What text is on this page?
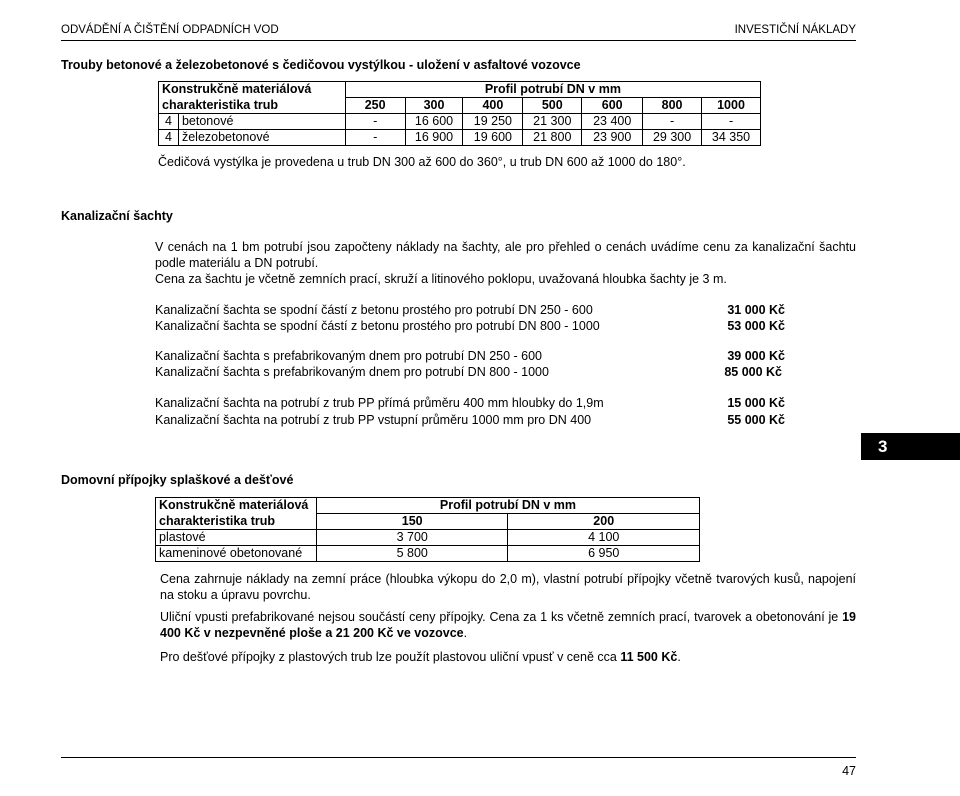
ODVÁDĚNÍ A ČIŠTĚNÍ ODPADNÍCH VOD	INVESTIČNÍ NÁKLADY
Trouby betonové a železobetonové s čedičovou vystýlkou - uložení v asfaltové vozovce
Konstrukčně materiálová		Profil potrubí DN v mm						
charakteristika trub		250	300	400	500	600	800	1000
4	betonové	-	16 600	19 250	21 300	23 400	-	-
4	železobetonové	-	16 900	19 600	21 800	23 900	29 300	34 350
Čedičová vystýlka je provedena u trub DN 300 až 600 do 360°, u trub DN 600 až 1000 do 180°.
Kanalizační šachty
V cenách na 1 bm potrubí jsou započteny náklady na šachty, ale pro přehled o cenách uvádíme cenu za kanalizační šachtu podle materiálu a DN potrubí.
Cena za šachtu je včetně zemních prací, skruží a litinového poklopu, uvažovaná hloubka šachty je 3 m.
Kanalizační šachta se spodní částí z betonu prostého pro potrubí DN 250 - 600	31 000 Kč
Kanalizační šachta se spodní částí z betonu prostého pro potrubí DN 800 - 1000	53 000 Kč
Kanalizační šachta s prefabrikovaným dnem pro potrubí DN 250 - 600	39 000 Kč
Kanalizační šachta s prefabrikovaným dnem pro potrubí DN 800 - 1000	85 000 Kč
Kanalizační šachta na potrubí z trub PP přímá průměru 400 mm hloubky do 1,9m	15 000 Kč
Kanalizační šachta na potrubí z trub PP vstupní průměru 1000 mm pro DN 400	55 000 Kč
3
Domovní přípojky splaškové a dešťové
Konstrukčně materiálová	Profil potrubí DN v mm	
charakteristika trub	150	200
plastové	3 700	4 100
kameninové obetonované	5 800	6 950
Cena zahrnuje náklady na zemní práce (hloubka výkopu do 2,0 m), vlastní potrubí přípojky včetně tvarových kusů, napojení na stoku a úpravu povrchu.
Uliční vpusti prefabrikované nejsou součástí ceny přípojky. Cena za 1 ks včetně zemních prací, tvarovek a obetonování je 19 400 Kč v nezpevněné ploše a 21 200 Kč ve vozovce.
Pro dešťové přípojky z plastových trub lze použít plastovou uliční vpusť v ceně cca 11 500 Kč.
47
